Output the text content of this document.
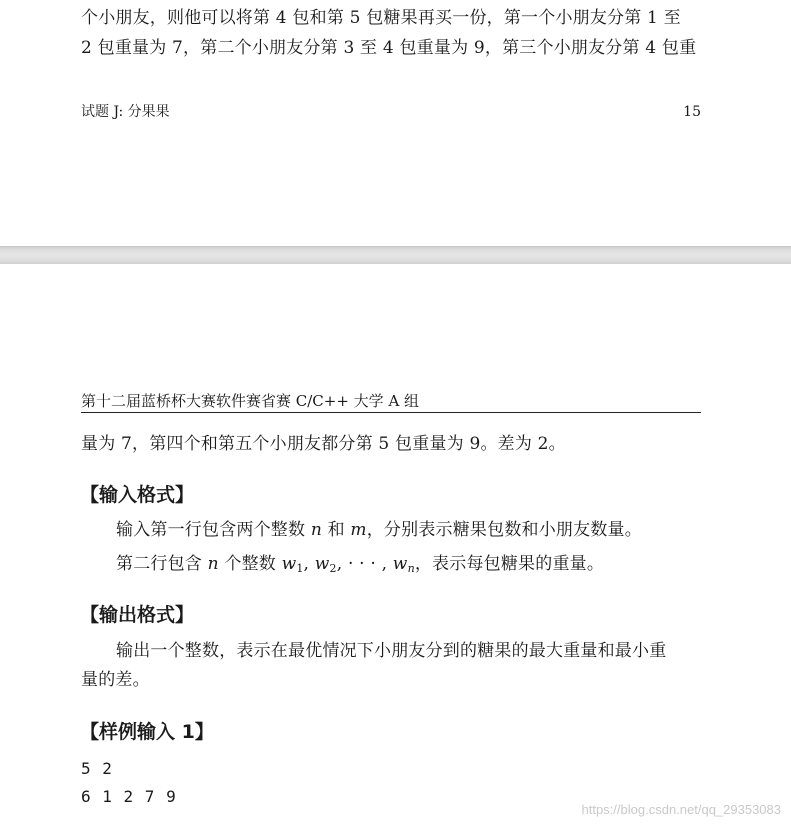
个小朋友，则他可以将第 4 包和第 5 包糖果再买一份，第一个小朋友分第 1 至
2 包重量为 7，第二个小朋友分第 3 至 4 包重量为 9，第三个小朋友分第 4 包重
试题 J: 分果果	15
第十二届蓝桥杯大赛软件赛省赛 C/C++ 大学 A 组
量为 7，第四个和第五个小朋友都分第 5 包重量为 9。差为 2。
【输入格式】
输入第一行包含两个整数 n 和 m，分别表示糖果包数和小朋友数量。
第二行包含 n 个整数 $w_1$, $w_2$, · · · , $w_n$，表示每包糖果的重量。
【输出格式】
输出一个整数，表示在最优情况下小朋友分到的糖果的最大重量和最小重
量的差。
【样例输入 1】
5 2
6 1 2 7 9
https://blog.csdn.net/qq_29353083
